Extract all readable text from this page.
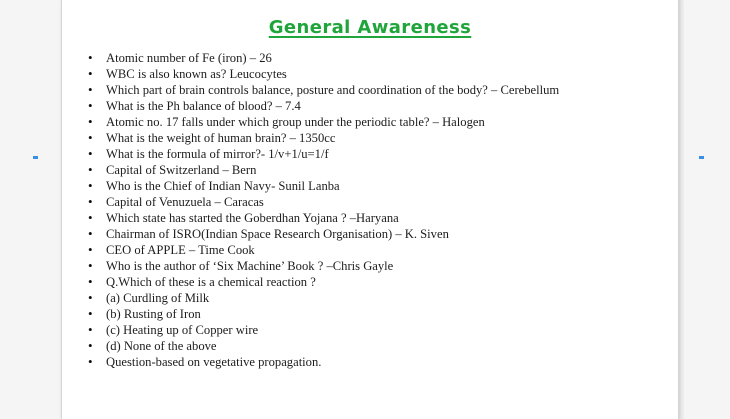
General Awareness
• Atomic number of Fe (iron) – 26
• WBC is also known as? Leucocytes
• Which part of brain controls balance, posture and coordination of the body? – Cerebellum
• What is the Ph balance of blood? – 7.4
• Atomic no. 17 falls under which group under the periodic table? – Halogen
• What is the weight of human brain? – 1350cc
• What is the formula of mirror?- 1/v+1/u=1/f
• Capital of Switzerland – Bern
• Who is the Chief of Indian Navy- Sunil Lanba
• Capital of Venuzuela – Caracas
• Which state has started the Goberdhan Yojana ? –Haryana
• Chairman of ISRO(Indian Space Research Organisation) – K. Siven
• CEO of APPLE – Time Cook
• Who is the author of ‘Six Machine’ Book ? –Chris Gayle
• Q.Which of these is a chemical reaction ?
• (a) Curdling of Milk
• (b) Rusting of Iron
• (c) Heating up of Copper wire
• (d) None of the above
• Question-based on vegetative propagation.
